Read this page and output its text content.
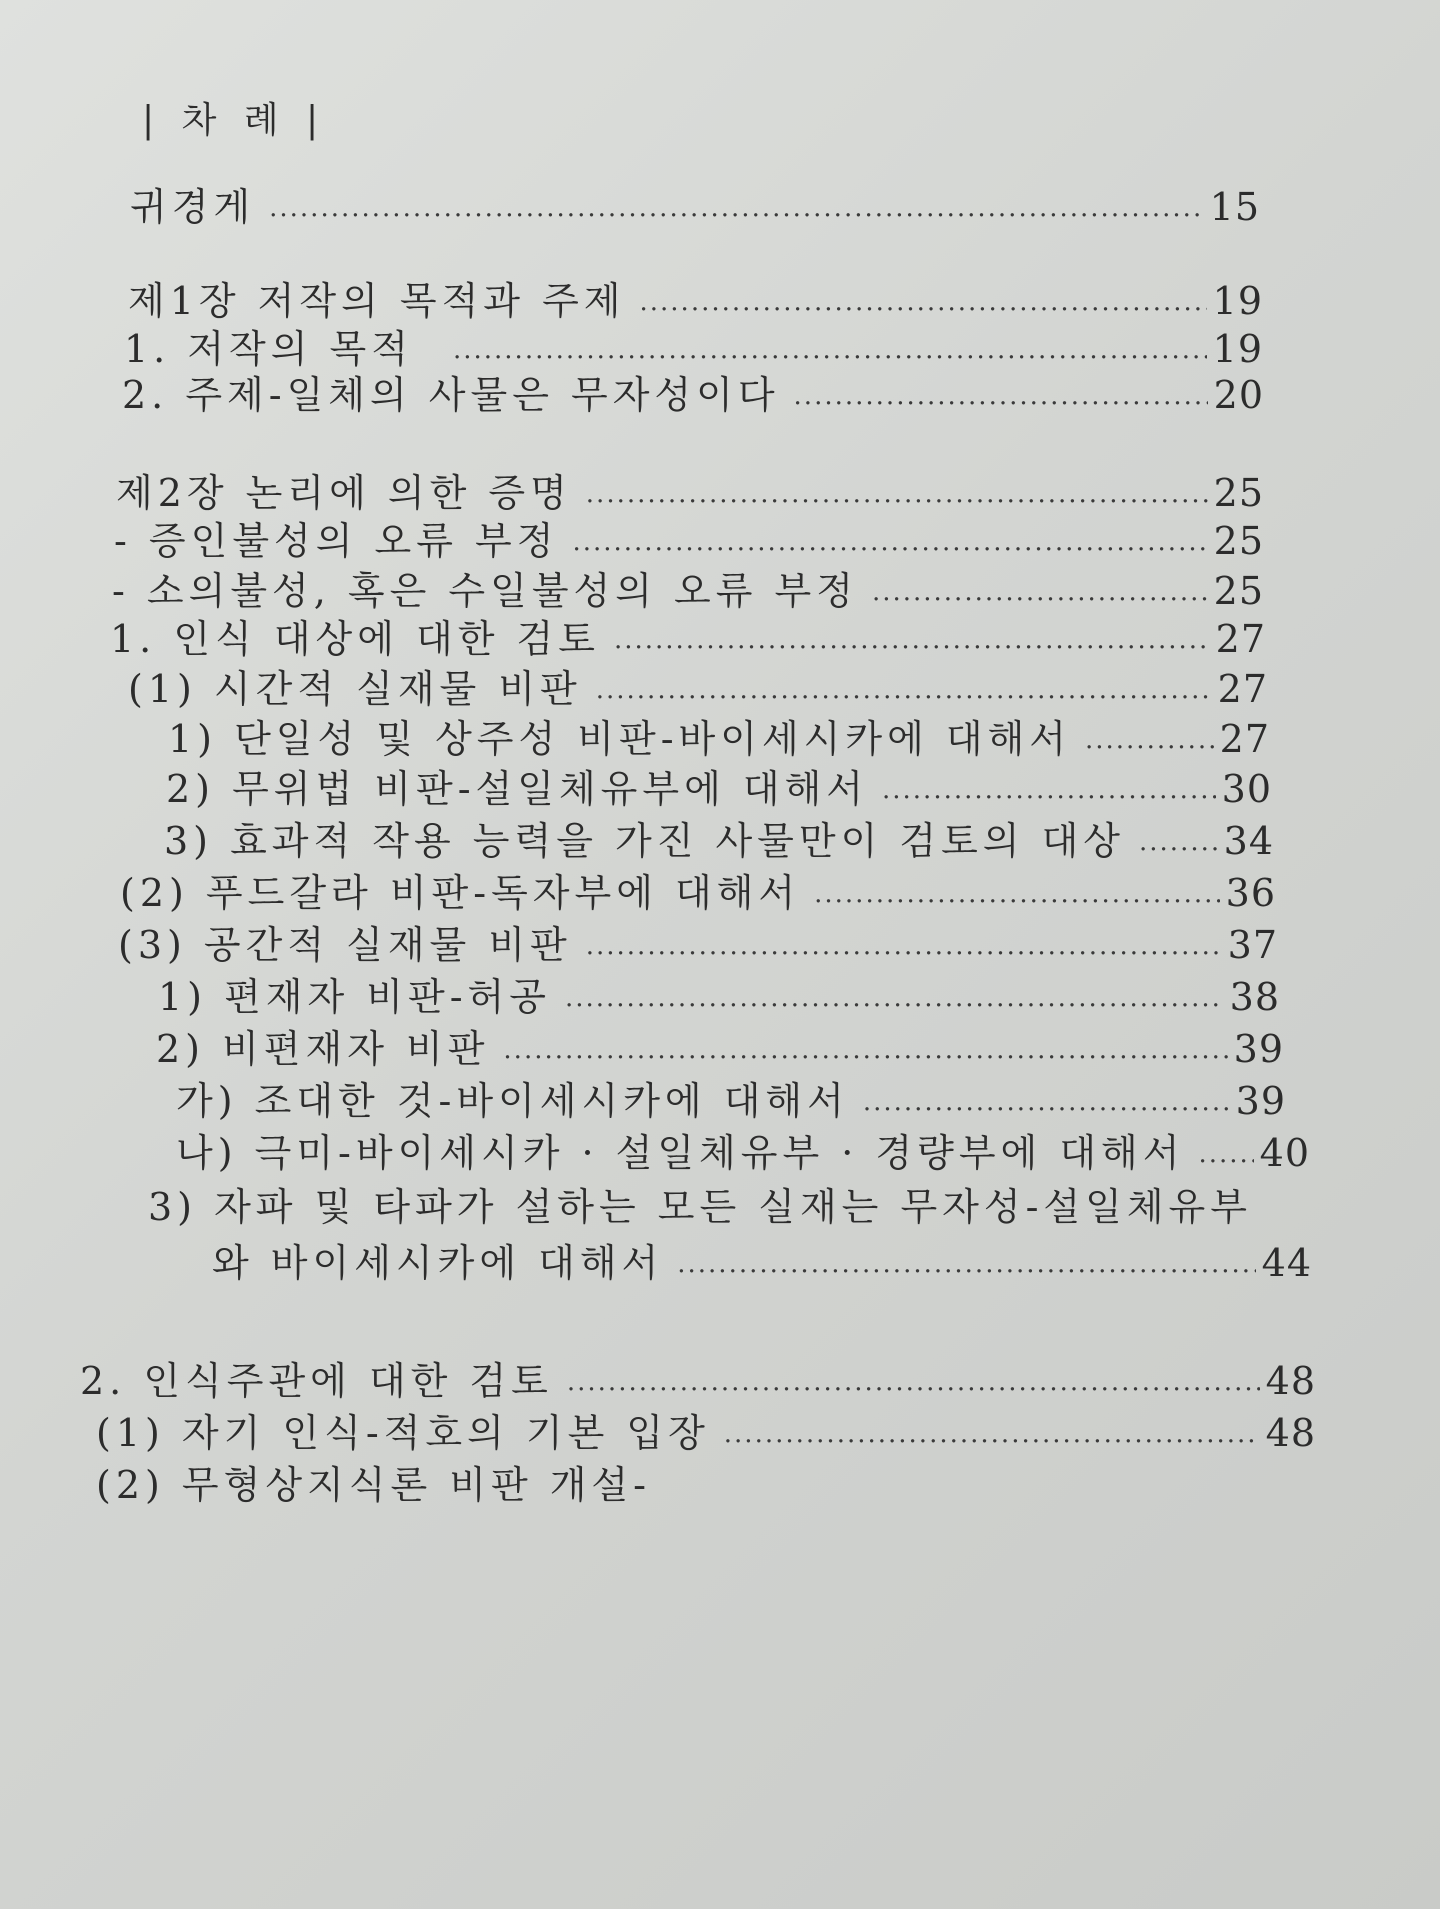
| 차 례 |
귀경게 .....	15
제1장 저작의 목적과 주제 .....	19
1. 저작의 목적 .....	19
2. 주제-일체의 사물은 무자성이다 .....	20
제2장 논리에 의한 증명 .....	25
- 증인불성의 오류 부정 .....	25
- 소의불성, 혹은 수일불성의 오류 부정 .....	25
1. 인식 대상에 대한 검토 .....	27
(1) 시간적 실재물 비판 .....	27
1) 단일성 및 상주성 비판-바이세시카에 대해서 .....	27
2) 무위법 비판-설일체유부에 대해서 .....	30
3) 효과적 작용 능력을 가진 사물만이 검토의 대상 .....	34
(2) 푸드갈라 비판-독자부에 대해서 .....	36
(3) 공간적 실재물 비판 .....	37
1) 편재자 비판-허공 .....	38
2) 비편재자 비판 .....	39
가) 조대한 것-바이세시카에 대해서 .....	39
나) 극미-바이세시카 · 설일체유부 · 경량부에 대해서 ..... 40
3) 자파 및 타파가 설하는 모든 실재는 무자성-설일체유부
와 바이세시카에 대해서 .....	44
2. 인식주관에 대한 검토 .....	48
(1) 자기 인식-적호의 기본 입장 .....	48
(2) 무형상지식론 비판 개설-
